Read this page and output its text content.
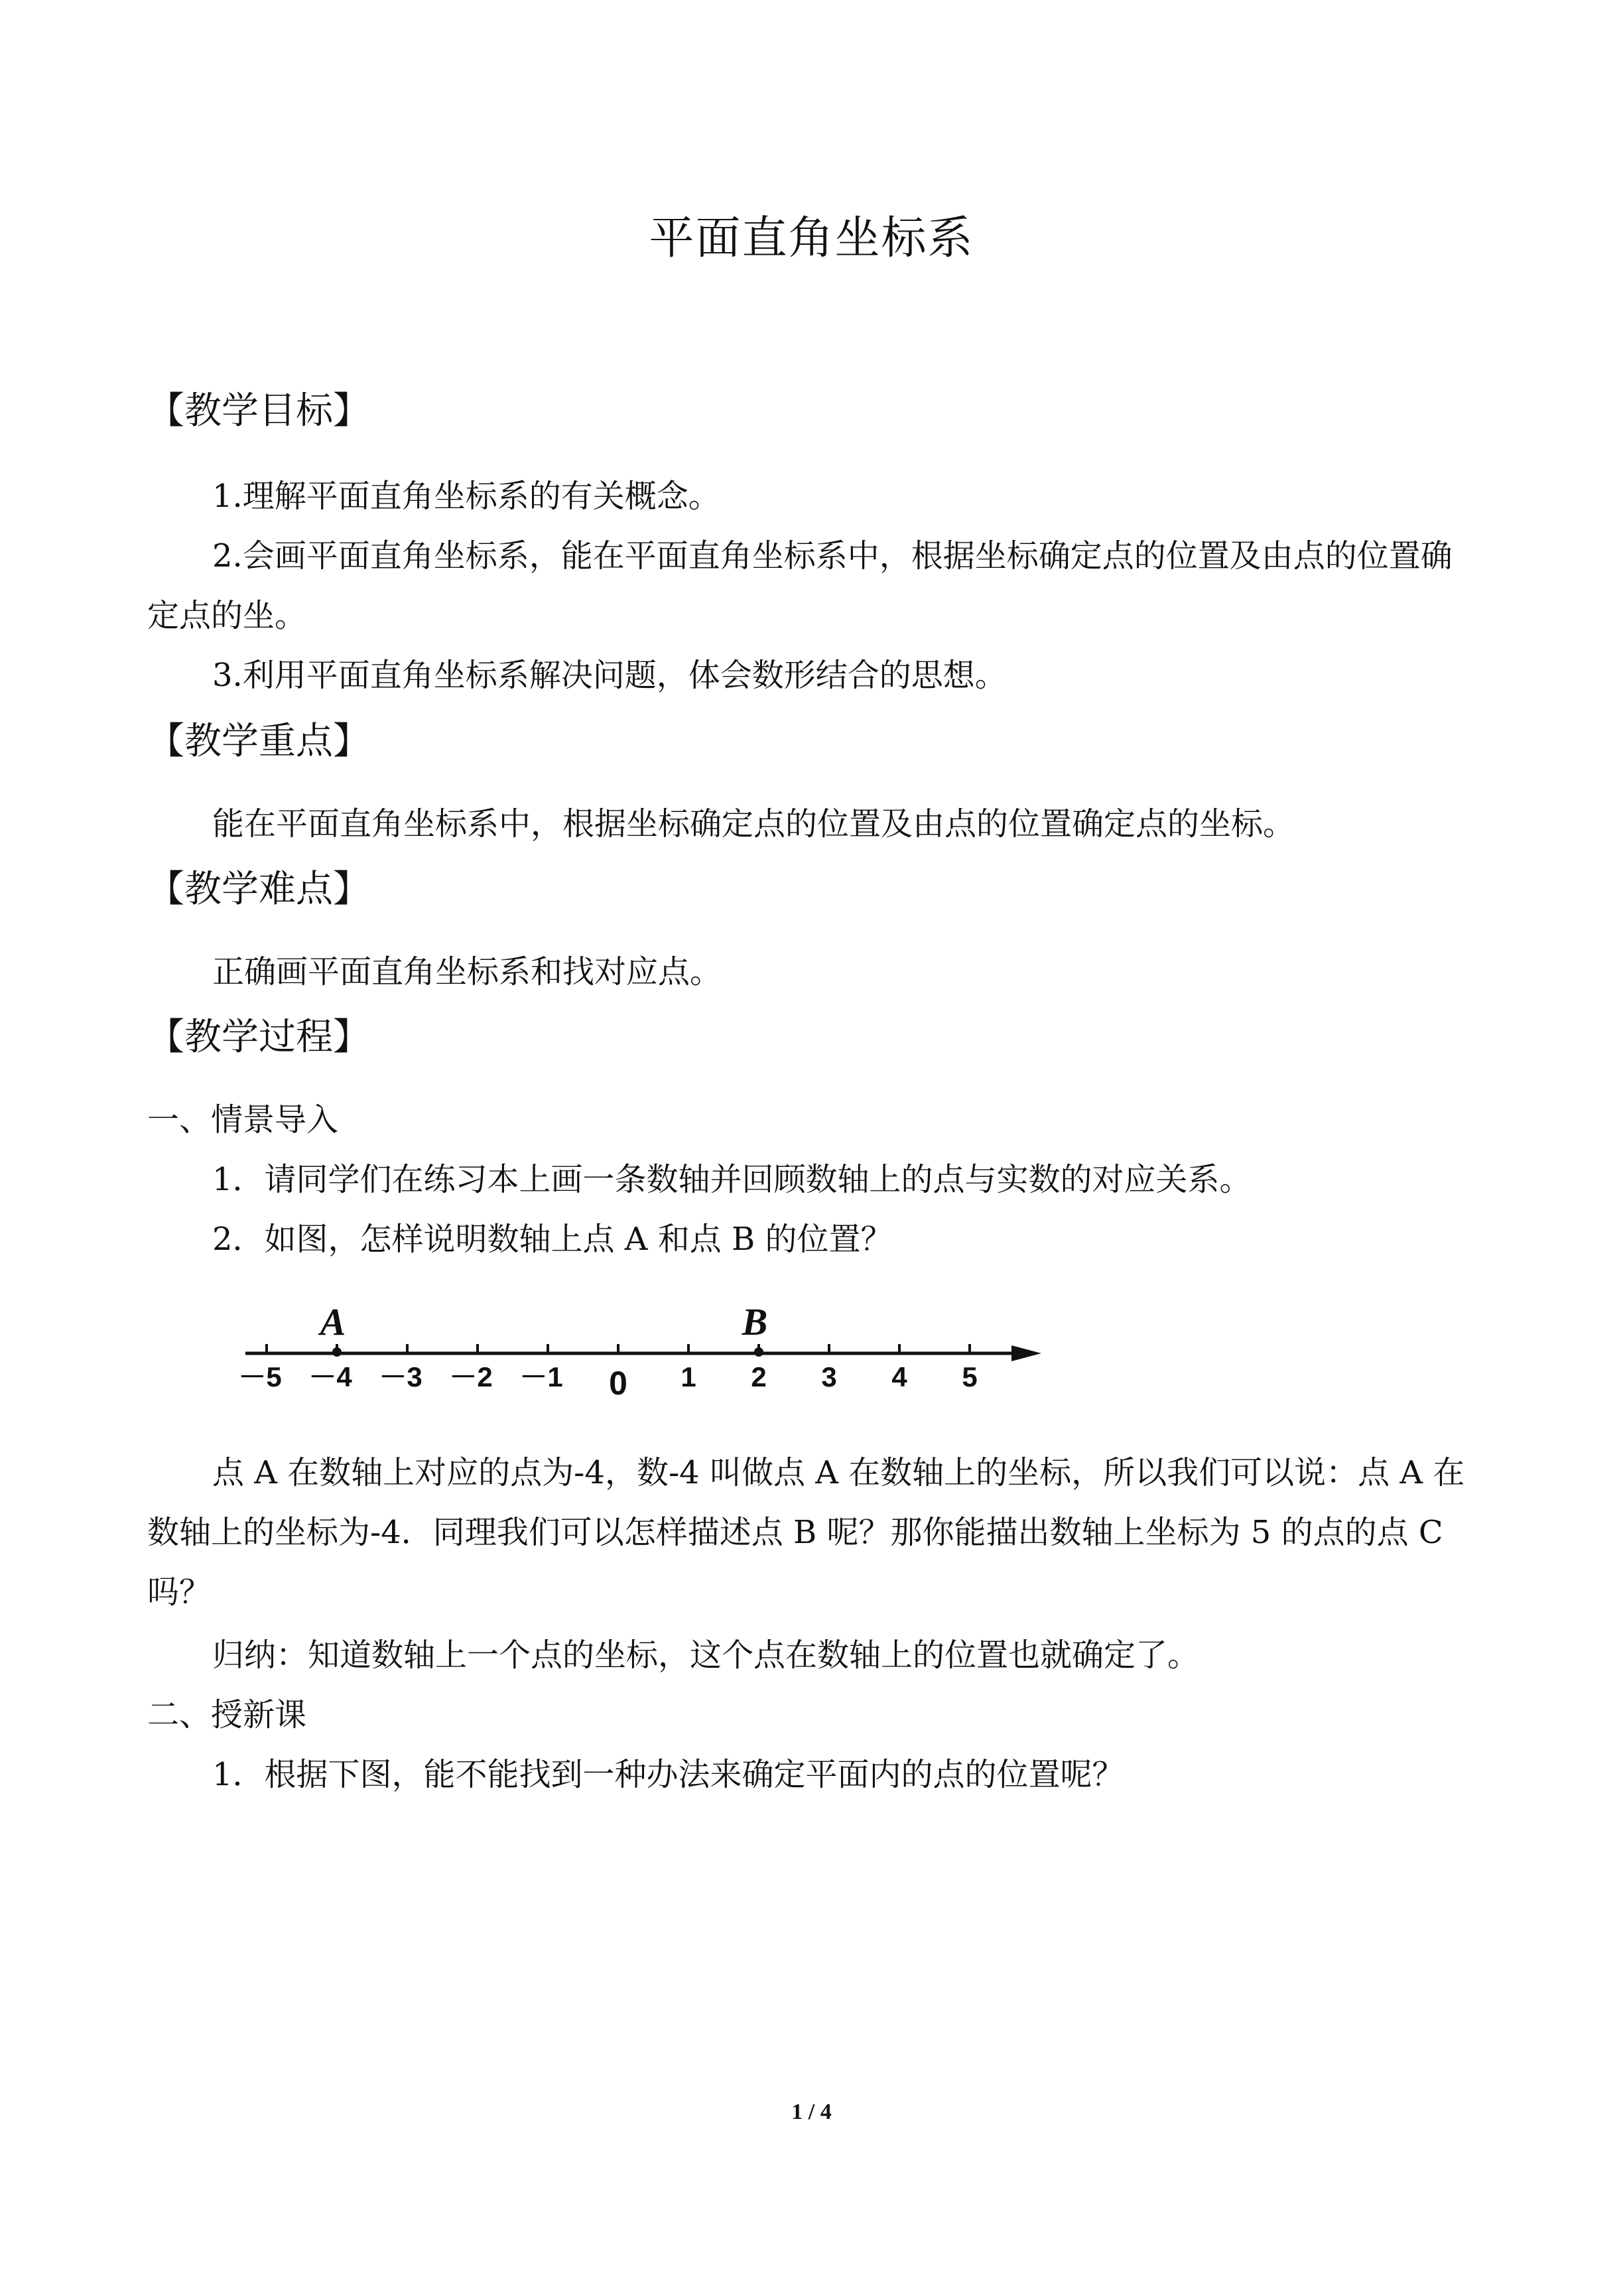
平面直角坐标系
【教学目标】
1.理解平面直角坐标系的有关概念。
2.会画平面直角坐标系，能在平面直角坐标系中，根据坐标确定点的位置及由点的位置确
定点的坐。
3.利用平面直角坐标系解决问题，体会数形结合的思想。
【教学重点】
能在平面直角坐标系中，根据坐标确定点的位置及由点的位置确定点的坐标。
【教学难点】
正确画平面直角坐标系和找对应点。
【教学过程】
一、情景导入
1．请同学们在练习本上画一条数轴并回顾数轴上的点与实数的对应关系。
2．如图，怎样说明数轴上点 A 和点 B 的位置？
－5 －4 －3 －2 －1 0 1 2 3 4 5
A	B
点 A 在数轴上对应的点为-4，数-4 叫做点 A 在数轴上的坐标，所以我们可以说：点 A 在
数轴上的坐标为-4．同理我们可以怎样描述点 B 呢？那你能描出数轴上坐标为 5 的点的点 C
吗？
归纳：知道数轴上一个点的坐标，这个点在数轴上的位置也就确定了。
二、授新课
1．根据下图，能不能找到一种办法来确定平面内的点的位置呢？
1 / 4
